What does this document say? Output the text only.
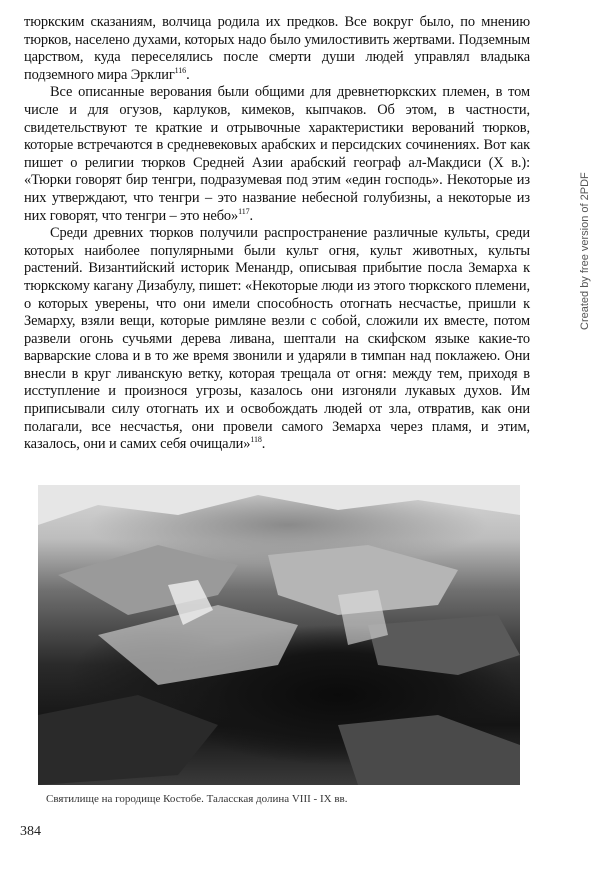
тюркским сказаниям, волчица родила их предков. Все вокруг было, по мнению тюрков, населено духами, которых надо было умилостивить жертвами. Подземным царством, куда переселялись после смерти души людей управлял владыка подземного мира Эрклиг$^{116}$.

Все описанные верования были общими для древнетюркских племен, в том числе и для огузов, карлуков, кимеков, кыпчаков. Об этом, в частности, свидетельствуют те краткие и отрывочные характеристики верований тюрков, которые встречаются в средневековых арабских и персидских сочинениях. Вот как пишет о религии тюрков Средней Азии арабский географ ал-Макдиси (X в.): «Тюрки говорят бир тенгри, подразумевая под этим «един господь». Некоторые из них утверждают, что тенгри – это название небесной голубизны, а некоторые из них говорят, что тенгри – это небо»$^{117}$.

Среди древних тюрков получили распространение различные культы, среди которых наиболее популярными были культ огня, культ животных, культы растений. Византийский историк Менандр, описывая прибытие посла Земарха к тюркскому кагану Дизабулу, пишет: «Некоторые люди из этого тюркского племени, о которых уверены, что они имели способность отогнать несчастье, пришли к Земарху, взяли вещи, которые римляне везли с собой, сложили их вместе, потом развели огонь сучьями дерева ливана, шептали на скифском языке какие-то варварские слова и в то же время звонили и ударяли в тимпан над поклажею. Они внесли в круг ливанскую ветку, которая трещала от огня: между тем, приходя в исступление и произнося угрозы, казалось они изгоняли лукавых духов. Им приписывали силу отогнать их и освобождать людей от зла, отвратив, как они полагали, все несчастья, они провели самого Земарха через пламя, и этим, казалось, они и самих себя очищали»$^{118}$.

Святилище на городище Костобе. Таласская долина VIII - IX вв.
384
Created by free version of 2PDF
